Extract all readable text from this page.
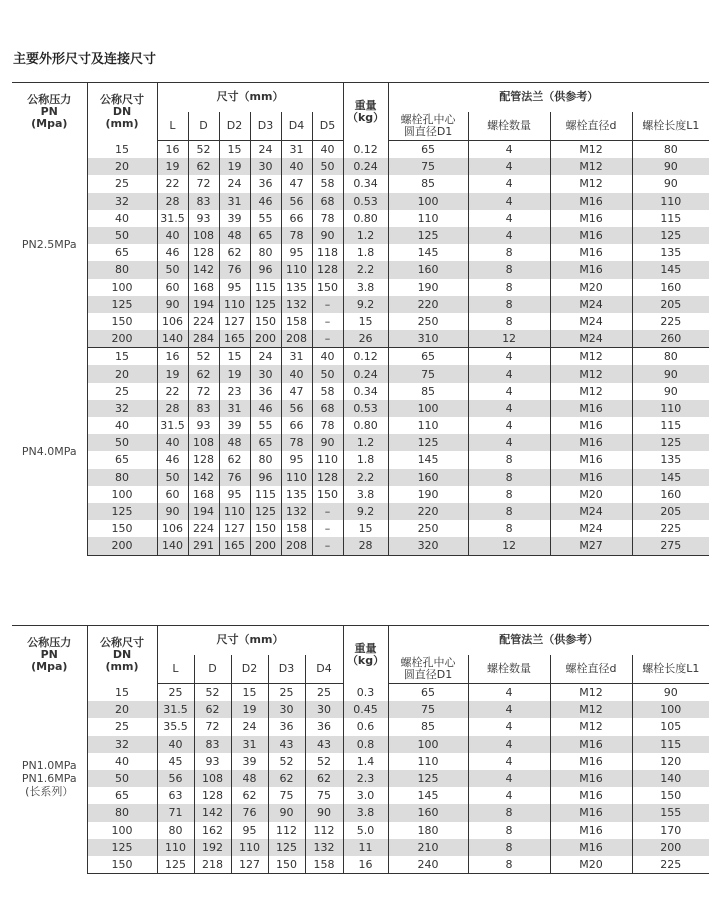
主要外形尺寸及连接尺寸
公称压力
PN
(Mpa)	公称尺寸
DN
(mm)	尺寸（mm）						重量
（kg）	配管法兰（供参考）			
		L	D	D2	D3	D4	D5		螺栓孔中心
圆直径D1	螺栓数量	螺栓直径d	螺栓长度L1

PN2.5MPa	15	16	52	15	24	31	40	0.12	65	4	M12	80
	20	19	62	19	30	40	50	0.24	75	4	M12	90
	25	22	72	24	36	47	58	0.34	85	4	M12	90
	32	28	83	31	46	56	68	0.53	100	4	M16	110
	40	31.5	93	39	55	66	78	0.80	110	4	M16	115
	50	40	108	48	65	78	90	1.2	125	4	M16	125
	65	46	128	62	80	95	118	1.8	145	8	M16	135
	80	50	142	76	96	110	128	2.2	160	8	M16	145
	100	60	168	95	115	135	150	3.8	190	8	M20	160
	125	90	194	110	125	132	–	9.2	220	8	M24	205
	150	106	224	127	150	158	–	15	250	8	M24	225
	200	140	284	165	200	208	–	26	310	12	M24	260

PN4.0MPa	15	16	52	15	24	31	40	0.12	65	4	M12	80
	20	19	62	19	30	40	50	0.24	75	4	M12	90
	25	22	72	23	36	47	58	0.34	85	4	M12	90
	32	28	83	31	46	56	68	0.53	100	4	M16	110
	40	31.5	93	39	55	66	78	0.80	110	4	M16	115
	50	40	108	48	65	78	90	1.2	125	4	M16	125
	65	46	128	62	80	95	110	1.8	145	8	M16	135
	80	50	142	76	96	110	128	2.2	160	8	M16	145
	100	60	168	95	115	135	150	3.8	190	8	M20	160
	125	90	194	110	125	132	–	9.2	220	8	M24	205
	150	106	224	127	150	158	–	15	250	8	M24	225
	200	140	291	165	200	208	–	28	320	12	M27	275
公称压力
PN
(Mpa)	公称尺寸
DN
(mm)	尺寸（mm）					重量
（kg）	配管法兰（供参考）			
		L	D	D2	D3	D4		螺栓孔中心
圆直径D1	螺栓数量	螺栓直径d	螺栓长度L1

PN1.0MPa
PN1.6MPa
(长系列）	15	25	52	15	25	25	0.3	65	4	M12	90
	20	31.5	62	19	30	30	0.45	75	4	M12	100
	25	35.5	72	24	36	36	0.6	85	4	M12	105
	32	40	83	31	43	43	0.8	100	4	M16	115
	40	45	93	39	52	52	1.4	110	4	M16	120
	50	56	108	48	62	62	2.3	125	4	M16	140
	65	63	128	62	75	75	3.0	145	4	M16	150
	80	71	142	76	90	90	3.8	160	8	M16	155
	100	80	162	95	112	112	5.0	180	8	M16	170
	125	110	192	110	125	132	11	210	8	M16	200
	150	125	218	127	150	158	16	240	8	M20	225
